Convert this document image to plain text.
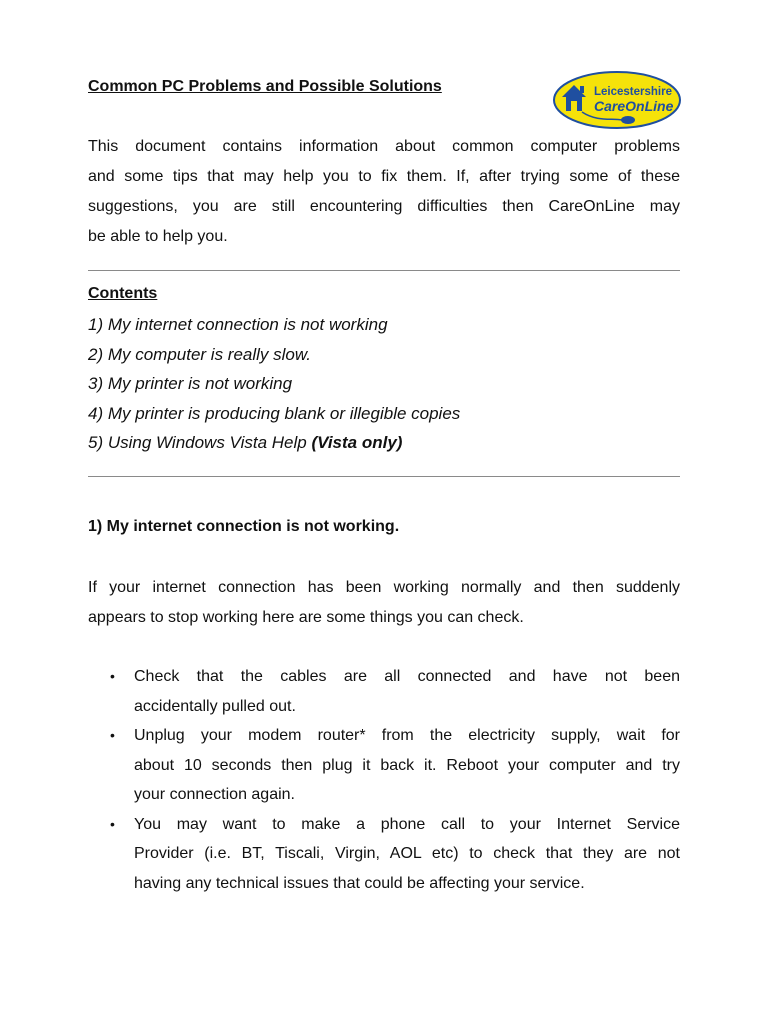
Common PC Problems and Possible Solutions	Leicestershire
CareOnLine
This document contains information about common computer problems
and some tips that may help you to fix them. If, after trying some of these
suggestions, you are still encountering difficulties then CareOnLine may
be able to help you.
Contents
1) My internet connection is not working
2) My computer is really slow.
3) My printer is not working
4) My printer is producing blank or illegible copies
5) Using Windows Vista Help (Vista only)
1) My internet connection is not working.
If your internet connection has been working normally and then suddenly
appears to stop working here are some things you can check.
• Check that the cables are all connected and have not been
accidentally pulled out.
• Unplug your modem router* from the electricity supply, wait for
about 10 seconds then plug it back it. Reboot your computer and try
your connection again.
• You may want to make a phone call to your Internet Service
Provider (i.e. BT, Tiscali, Virgin, AOL etc) to check that they are not
having any technical issues that could be affecting your service.
